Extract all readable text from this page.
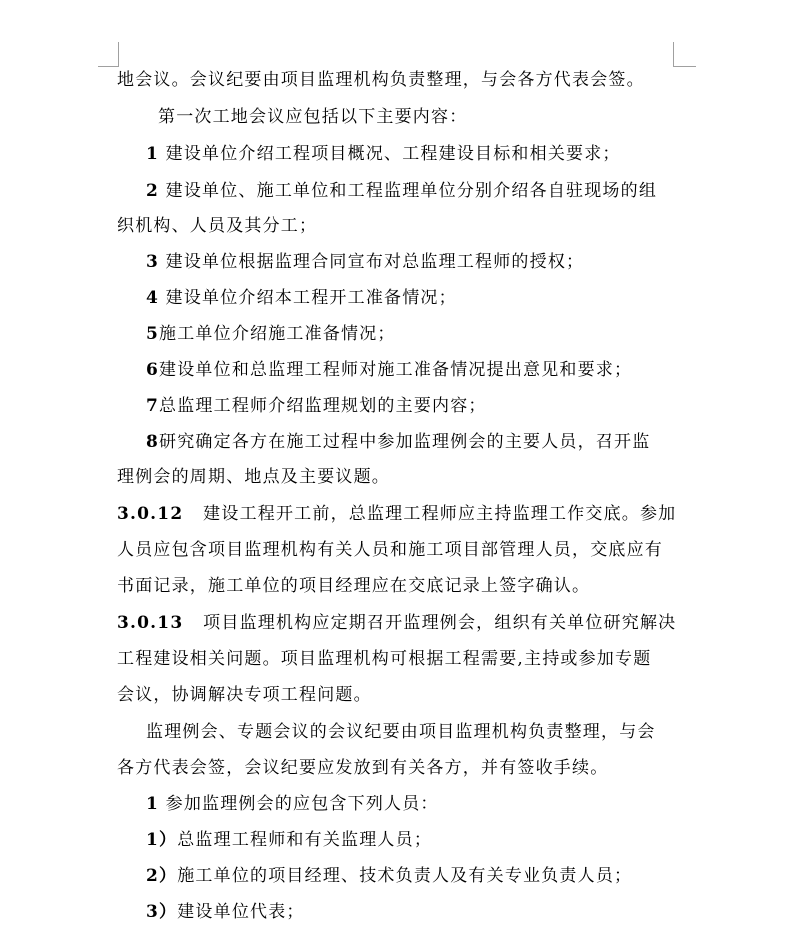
地会议。会议纪要由项目监理机构负责整理，与会各方代表会签。
第一次工地会议应包括以下主要内容：
1 建设单位介绍工程项目概况、工程建设目标和相关要求；
2 建设单位、施工单位和工程监理单位分别介绍各自驻现场的组
织机构、人员及其分工；
3 建设单位根据监理合同宣布对总监理工程师的授权；
4 建设单位介绍本工程开工准备情况；
5施工单位介绍施工准备情况；
6建设单位和总监理工程师对施工准备情况提出意见和要求；
7总监理工程师介绍监理规划的主要内容；
8研究确定各方在施工过程中参加监理例会的主要人员，召开监
理例会的周期、地点及主要议题。
3.0.12   建设工程开工前，总监理工程师应主持监理工作交底。参加
人员应包含项目监理机构有关人员和施工项目部管理人员，交底应有
书面记录，施工单位的项目经理应在交底记录上签字确认。
3.0.13   项目监理机构应定期召开监理例会，组织有关单位研究解决
工程建设相关问题。项目监理机构可根据工程需要,主持或参加专题
会议，协调解决专项工程问题。
监理例会、专题会议的会议纪要由项目监理机构负责整理，与会
各方代表会签，会议纪要应发放到有关各方，并有签收手续。
1 参加监理例会的应包含下列人员：
1）总监理工程师和有关监理人员；
2）施工单位的项目经理、技术负责人及有关专业负责人员；
3）建设单位代表；
